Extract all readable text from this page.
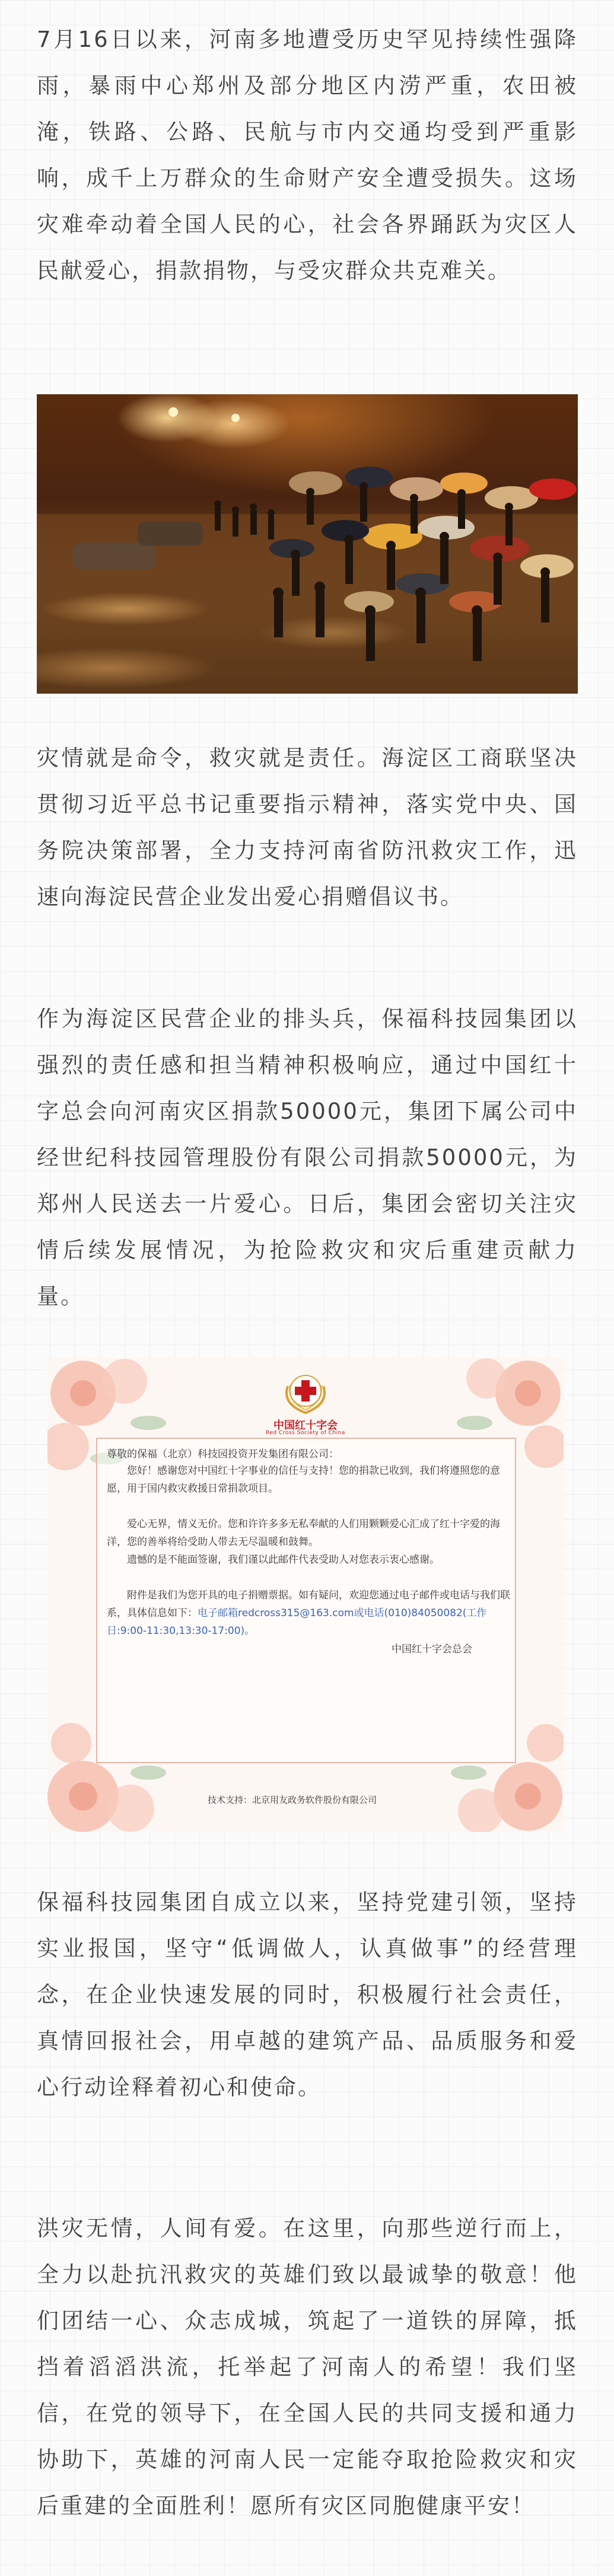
7月16日以来，河南多地遭受历史罕见持续性强降雨，暴雨中心郑州及部分地区内涝严重，农田被淹，铁路、公路、民航与市内交通均受到严重影响，成千上万群众的生命财产安全遭受损失。这场灾难牵动着全国人民的心，社会各界踊跃为灾区人民献爱心，捐款捐物，与受灾群众共克难关。

灾情就是命令，救灾就是责任。海淀区工商联坚决贯彻习近平总书记重要指示精神，落实党中央、国务院决策部署，全力支持河南省防汛救灾工作，迅速向海淀民营企业发出爱心捐赠倡议书。

作为海淀区民营企业的排头兵，保福科技园集团以强烈的责任感和担当精神积极响应，通过中国红十字总会向河南灾区捐款50000元，集团下属公司中经世纪科技园管理股份有限公司捐款50000元，为郑州人民送去一片爱心。日后，集团会密切关注灾情后续发展情况，为抢险救灾和灾后重建贡献力量。

中国红十字会
Red Cross Society of China

尊敬的保福（北京）科技园投资开发集团有限公司：

您好！感谢您对中国红十字事业的信任与支持！您的捐款已收到，我们将遵照您的意愿，用于国内救灾救援日常捐款项目。

爱心无界，情义无价。您和许许多多无私奉献的人们用颗颗爱心汇成了红十字爱的海洋，您的善举将给受助人带去无尽温暖和鼓舞。

遗憾的是不能面签谢，我们谨以此邮件代表受助人对您表示衷心感谢。

附件是我们为您开具的电子捐赠票据。如有疑问，欢迎您通过电子邮件或电话与我们联系，具体信息如下：电子邮箱redcross315@163.com或电话(010)84050082(工作日:9:00-11:30,13:30-17:00)。

中国红十字会总会

技术支持：北京用友政务软件股份有限公司

保福科技园集团自成立以来，坚持党建引领，坚持实业报国，坚守“低调做人，认真做事”的经营理念，在企业快速发展的同时，积极履行社会责任，真情回报社会，用卓越的建筑产品、品质服务和爱心行动诠释着初心和使命。

洪灾无情，人间有爱。在这里，向那些逆行而上，全力以赴抗汛救灾的英雄们致以最诚挚的敬意！他们团结一心、众志成城，筑起了一道铁的屏障，抵挡着滔滔洪流，托举起了河南人的希望！我们坚信，在党的领导下，在全国人民的共同支援和通力协助下，英雄的河南人民一定能夺取抢险救灾和灾后重建的全面胜利！愿所有灾区同胞健康平安！
